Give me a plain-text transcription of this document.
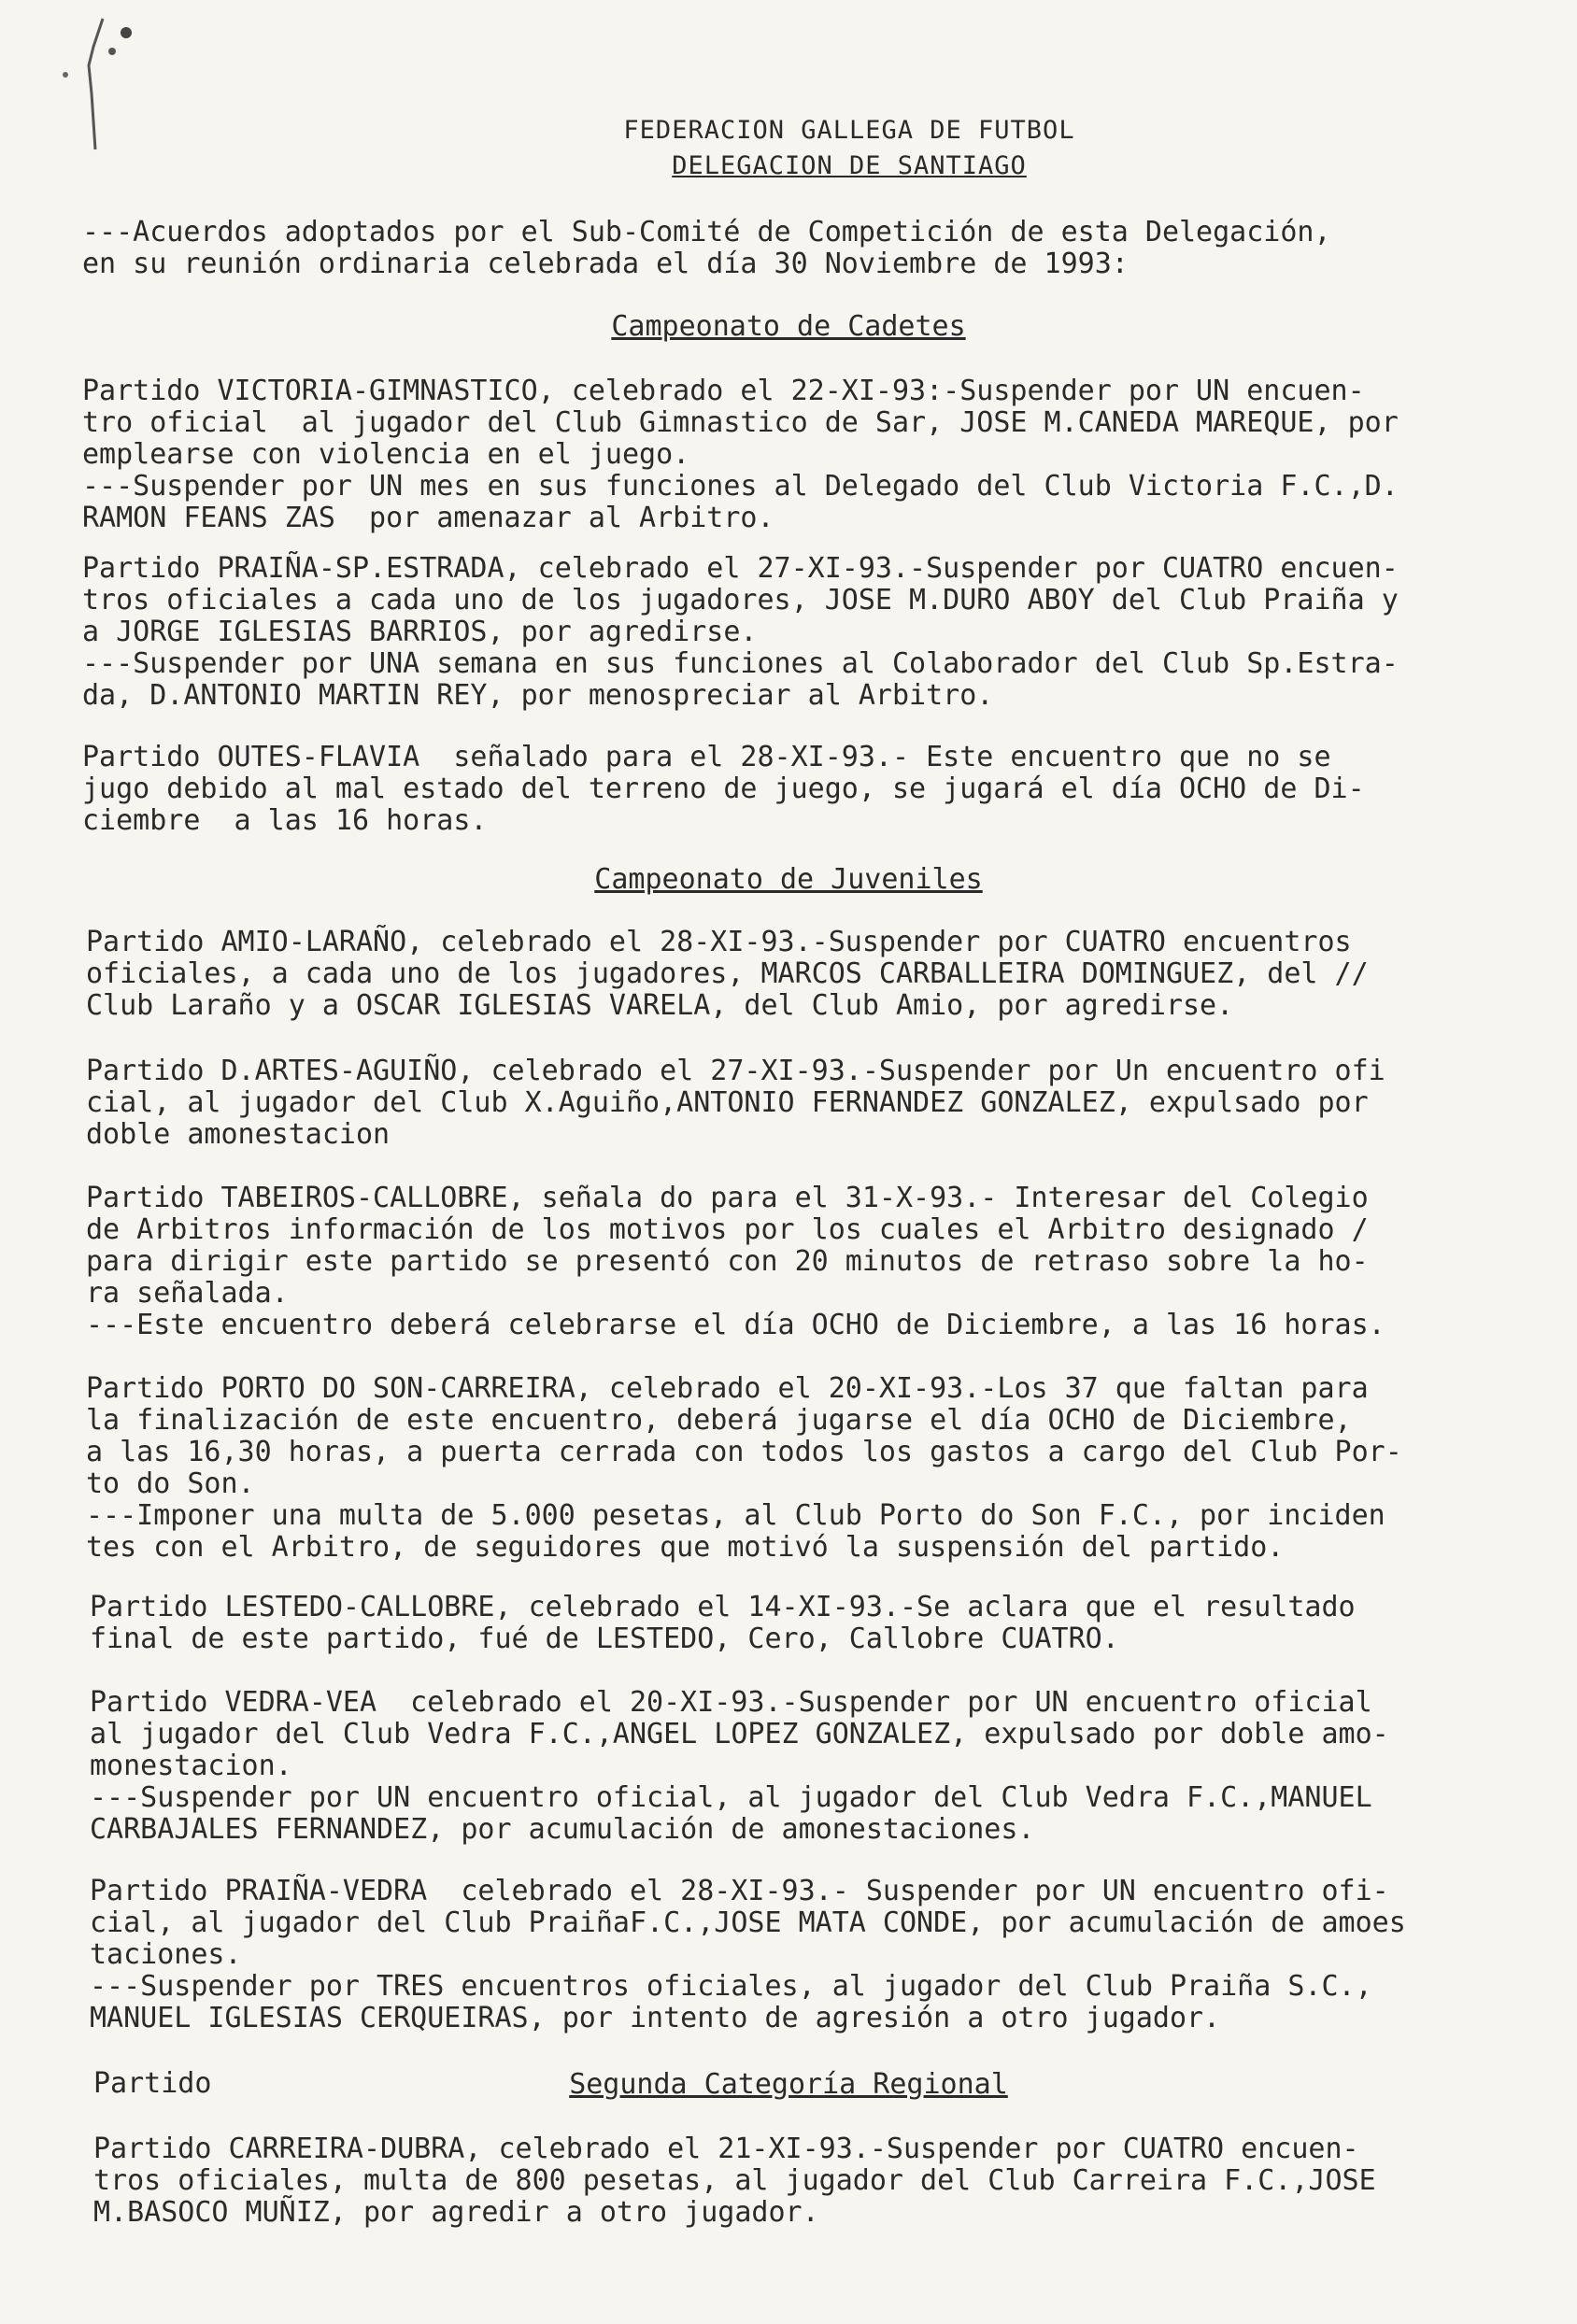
FEDERACION GALLEGA DE FUTBOL
DELEGACION DE SANTIAGO
---Acuerdos adoptados por el Sub-Comité de Competición de esta Delegación,
en su reunión ordinaria celebrada el día 30 Noviembre de 1993:
Campeonato de Cadetes
Partido VICTORIA-GIMNASTICO, celebrado el 22-XI-93:-Suspender por UN encuen-
tro oficial  al jugador del Club Gimnastico de Sar, JOSE M.CANEDA MAREQUE, por
emplearse con violencia en el juego.
---Suspender por UN mes en sus funciones al Delegado del Club Victoria F.C.,D.
RAMON FEANS ZAS  por amenazar al Arbitro.
Partido PRAIÑA-SP.ESTRADA, celebrado el 27-XI-93.-Suspender por CUATRO encuen-
tros oficiales a cada uno de los jugadores, JOSE M.DURO ABOY del Club Praiña y
a JORGE IGLESIAS BARRIOS, por agredirse.
---Suspender por UNA semana en sus funciones al Colaborador del Club Sp.Estra-
da, D.ANTONIO MARTIN REY, por menospreciar al Arbitro.
Partido OUTES-FLAVIA  señalado para el 28-XI-93.- Este encuentro que no se
jugo debido al mal estado del terreno de juego, se jugará el día OCHO de Di-
ciembre  a las 16 horas.
Campeonato de Juveniles
Partido AMIO-LARAÑO, celebrado el 28-XI-93.-Suspender por CUATRO encuentros
oficiales, a cada uno de los jugadores, MARCOS CARBALLEIRA DOMINGUEZ, del //
Club Laraño y a OSCAR IGLESIAS VARELA, del Club Amio, por agredirse.
Partido D.ARTES-AGUIÑO, celebrado el 27-XI-93.-Suspender por Un encuentro ofi
cial, al jugador del Club X.Aguiño,ANTONIO FERNANDEZ GONZALEZ, expulsado por
doble amonestacion
Partido TABEIROS-CALLOBRE, señala do para el 31-X-93.- Interesar del Colegio
de Arbitros información de los motivos por los cuales el Arbitro designado /
para dirigir este partido se presentó con 20 minutos de retraso sobre la ho-
ra señalada.
---Este encuentro deberá celebrarse el día OCHO de Diciembre, a las 16 horas.
Partido PORTO DO SON-CARREIRA, celebrado el 20-XI-93.-Los 37 que faltan para
la finalización de este encuentro, deberá jugarse el día OCHO de Diciembre,
a las 16,30 horas, a puerta cerrada con todos los gastos a cargo del Club Por-
to do Son.
---Imponer una multa de 5.000 pesetas, al Club Porto do Son F.C., por inciden
tes con el Arbitro, de seguidores que motivó la suspensión del partido.
Partido LESTEDO-CALLOBRE, celebrado el 14-XI-93.-Se aclara que el resultado
final de este partido, fué de LESTEDO, Cero, Callobre CUATRO.
Partido VEDRA-VEA  celebrado el 20-XI-93.-Suspender por UN encuentro oficial
al jugador del Club Vedra F.C.,ANGEL LOPEZ GONZALEZ, expulsado por doble amo-
monestacion.
---Suspender por UN encuentro oficial, al jugador del Club Vedra F.C.,MANUEL
CARBAJALES FERNANDEZ, por acumulación de amonestaciones.
Partido PRAIÑA-VEDRA  celebrado el 28-XI-93.- Suspender por UN encuentro ofi-
cial, al jugador del Club PraiñaF.C.,JOSE MATA CONDE, por acumulación de amoes
taciones.
---Suspender por TRES encuentros oficiales, al jugador del Club Praiña S.C.,
MANUEL IGLESIAS CERQUEIRAS, por intento de agresión a otro jugador.
Partido	Segunda Categoría Regional
Partido CARREIRA-DUBRA, celebrado el 21-XI-93.-Suspender por CUATRO encuen-
tros oficiales, multa de 800 pesetas, al jugador del Club Carreira F.C.,JOSE
M.BASOCO MUÑIZ, por agredir a otro jugador.
